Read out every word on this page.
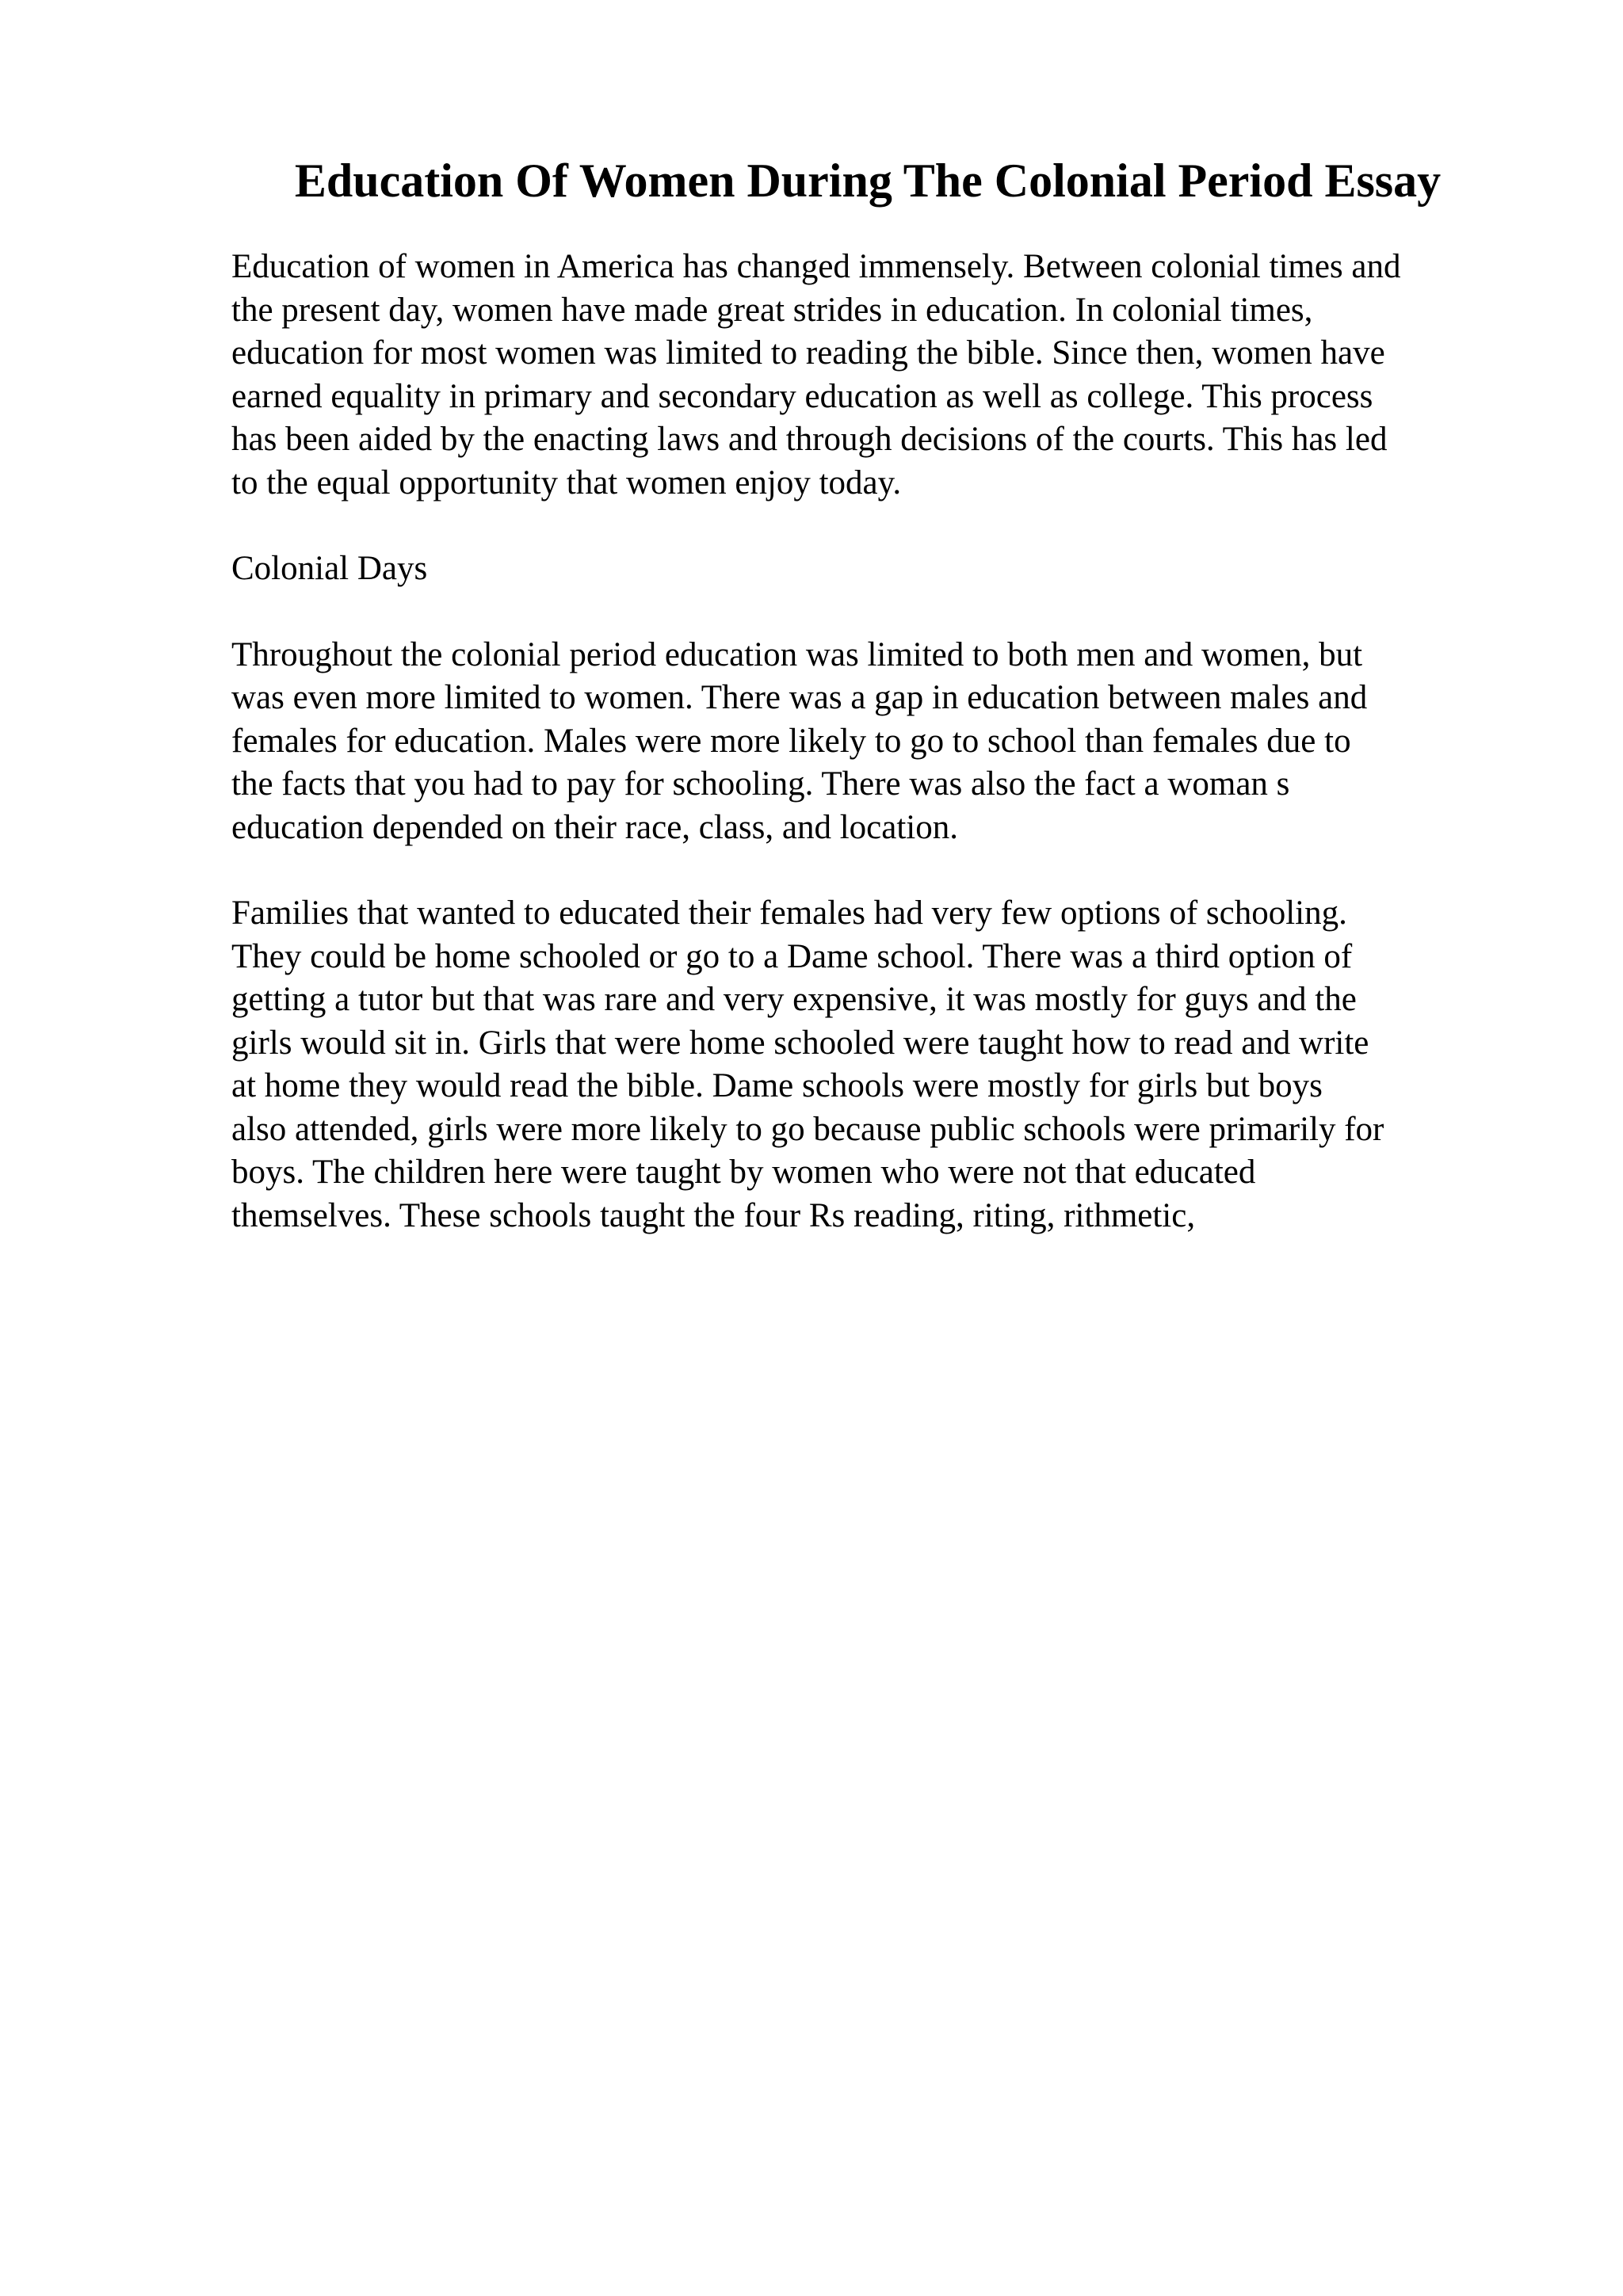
Education Of Women During The Colonial Period Essay

Education of women in America has changed immensely. Between colonial times and
the present day, women have made great strides in education. In colonial times,
education for most women was limited to reading the bible. Since then, women have
earned equality in primary and secondary education as well as college. This process
has been aided by the enacting laws and through decisions of the courts. This has led
to the equal opportunity that women enjoy today.

Colonial Days

Throughout the colonial period education was limited to both men and women, but
was even more limited to women. There was a gap in education between males and
females for education. Males were more likely to go to school than females due to
the facts that you had to pay for schooling. There was also the fact a woman s
education depended on their race, class, and location.

Families that wanted to educated their females had very few options of schooling.
They could be home schooled or go to a Dame school. There was a third option of
getting a tutor but that was rare and very expensive, it was mostly for guys and the
girls would sit in. Girls that were home schooled were taught how to read and write
at home they would read the bible. Dame schools were mostly for girls but boys
also attended, girls were more likely to go because public schools were primarily for
boys. The children here were taught by women who were not that educated
themselves. These schools taught the four Rs reading, riting, rithmetic,
